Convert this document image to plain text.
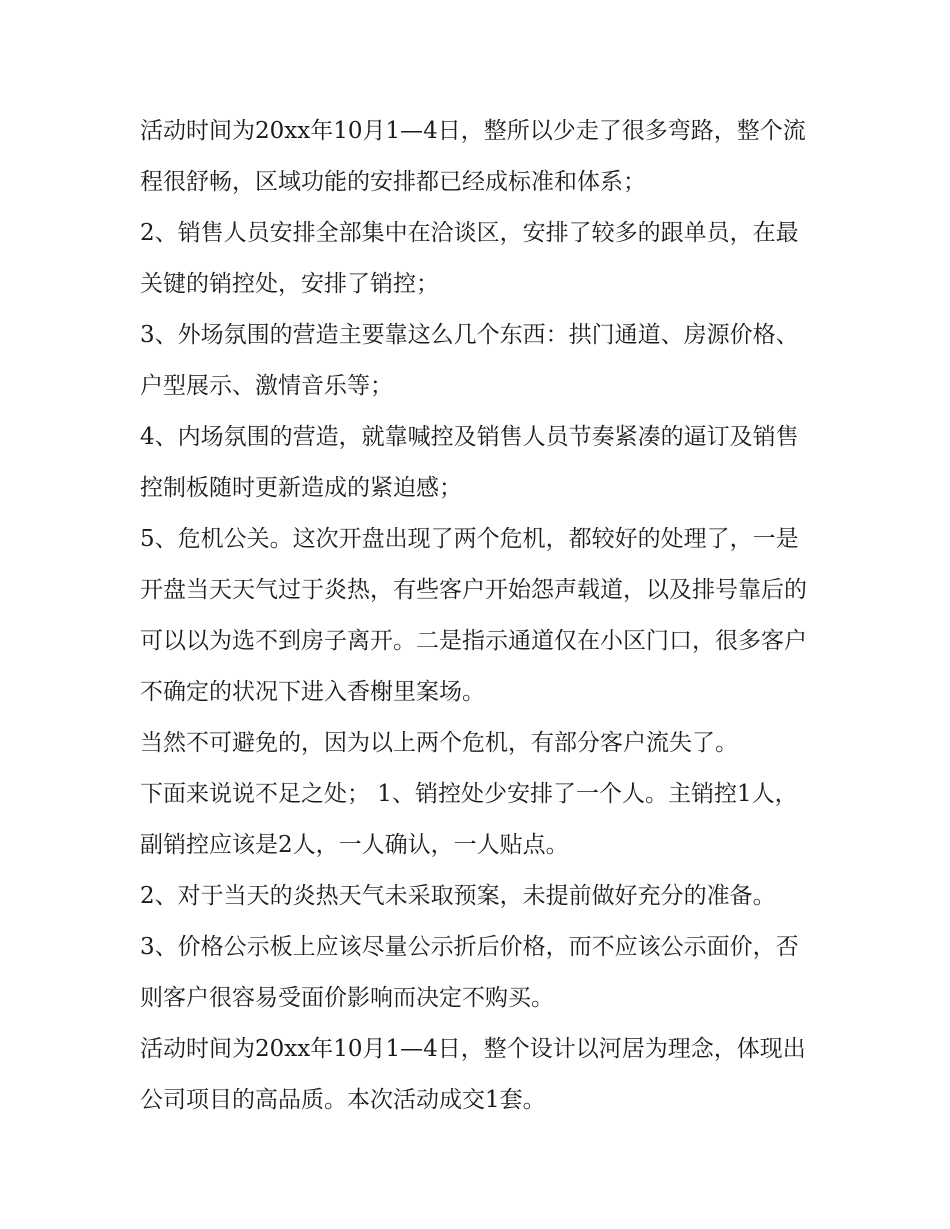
活动时间为20xx年10月1—4日，整所以少走了很多弯路，整个流程很舒畅，区域功能的安排都已经成标准和体系；

2、销售人员安排全部集中在洽谈区，安排了较多的跟单员，在最关键的销控处，安排了销控；

3、外场氛围的营造主要靠这么几个东西：拱门通道、房源价格、户型展示、激情音乐等；

4、内场氛围的营造，就靠喊控及销售人员节奏紧凑的逼订及销售控制板随时更新造成的紧迫感；

5、危机公关。这次开盘出现了两个危机，都较好的处理了，一是开盘当天天气过于炎热，有些客户开始怨声载道，以及排号靠后的可以以为选不到房子离开。二是指示通道仅在小区门口，很多客户不确定的状况下进入香榭里案场。

当然不可避免的，因为以上两个危机，有部分客户流失了。

下面来说说不足之处； 1、销控处少安排了一个人。主销控1人，副销控应该是2人，一人确认，一人贴点。

2、对于当天的炎热天气未采取预案，未提前做好充分的准备。 3、价格公示板上应该尽量公示折后价格，而不应该公示面价，否则客户很容易受面价影响而决定不购买。

活动时间为20xx年10月1—4日，整个设计以河居为理念，体现出公司项目的高品质。本次活动成交1套。
